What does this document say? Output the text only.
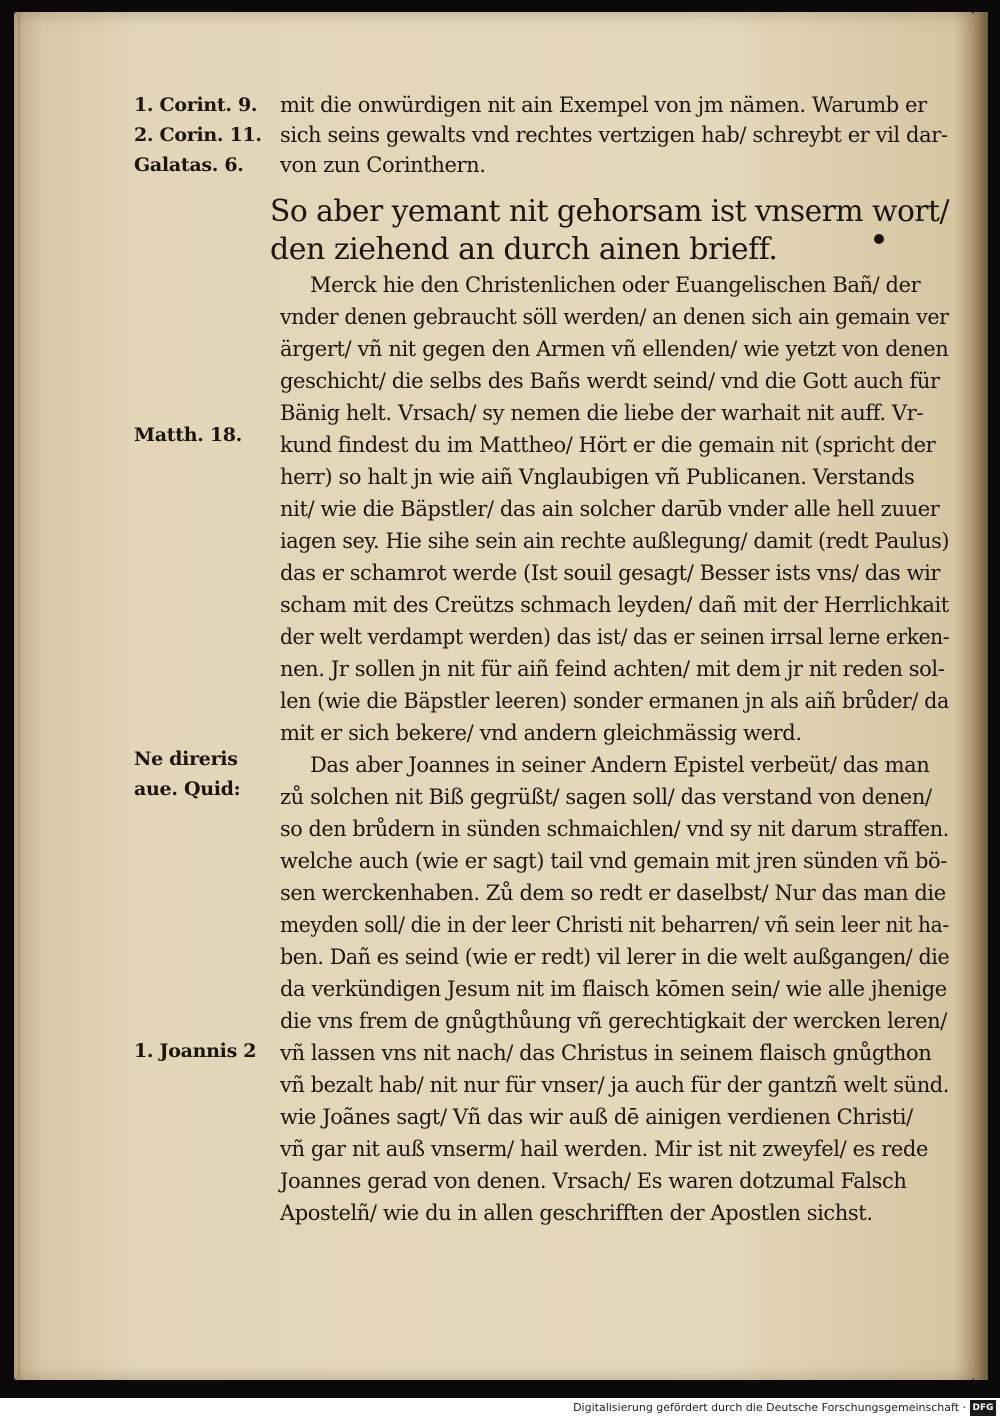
1. Corint. 9.
2. Corin. 11.
Galatas. 6.
Matth. 18.
Ne direris
aue. Quid:
1. Joannis 2
mit die onwürdigen nit ain Exempel von jm nämen. Warumb er
sich seins gewalts vnd rechtes vertzigen hab/ schreybt er vil dar-
von zun Corinthern.
So aber yemant nit gehorsam ist vnserm wort/
den ziehend an durch ainen brieff.
Merck hie den Christenlichen oder Euangelischen Bañ/ der
vnder denen gebraucht söll werden/ an denen sich ain gemain ver
ärgert/ vñ nit gegen den Armen vñ ellenden/ wie yetzt von denen
geschicht/ die selbs des Bañs werdt seind/ vnd die Gott auch für
Bänig helt. Vrsach/ sy nemen die liebe der warhait nit auff. Vr-
kund findest du im Mattheo/ Hört er die gemain nit (spricht der
herr) so halt jn wie aiñ Vnglaubigen vñ Publicanen. Verstands
nit/ wie die Bäpstler/ das ain solcher darūb vnder alle hell zuuer
iagen sey. Hie sihe sein ain rechte außlegung/ damit (redt Paulus)
das er schamrot werde (Ist souil gesagt/ Besser ists vns/ das wir
scham mit des Creützs schmach leyden/ dañ mit der Herrlichkait
der welt verdampt werden) das ist/ das er seinen irrsal lerne erken-
nen. Jr sollen jn nit für aiñ feind achten/ mit dem jr nit reden sol-
len (wie die Bäpstler leeren) sonder ermanen jn als aiñ brůder/ da
mit er sich bekere/ vnd andern gleichmässig werd.
Das aber Joannes in seiner Andern Epistel verbeüt/ das man
zů solchen nit Biß gegrüßt/ sagen soll/ das verstand von denen/
so den brůdern in sünden schmaichlen/ vnd sy nit darum straffen.
welche auch (wie er sagt) tail vnd gemain mit jren sünden vñ bö-
sen werckenhaben. Zů dem so redt er daselbst/ Nur das man die
meyden soll/ die in der leer Christi nit beharren/ vñ sein leer nit ha-
ben. Dañ es seind (wie er redt) vil lerer in die welt außgangen/ die
da verkündigen Jesum nit im flaisch kōmen sein/ wie alle jhenige
die vns frem de gnůgthůung vñ gerechtigkait der wercken leren/
vñ lassen vns nit nach/ das Christus in seinem flaisch gnůgthon
vñ bezalt hab/ nit nur für vnser/ ja auch für der gantzñ welt sünd.
wie Joãnes sagt/ Vñ das wir auß dē ainigen verdienen Christi/
vñ gar nit auß vnserm/ hail werden. Mir ist nit zweyfel/ es rede
Joannes gerad von denen. Vrsach/ Es waren dotzumal Falsch
Apostelñ/ wie du in allen geschrifften der Apostlen sichst.
Digitalisierung gefördert durch die Deutsche Forschungsgemeinschaft · DFG
